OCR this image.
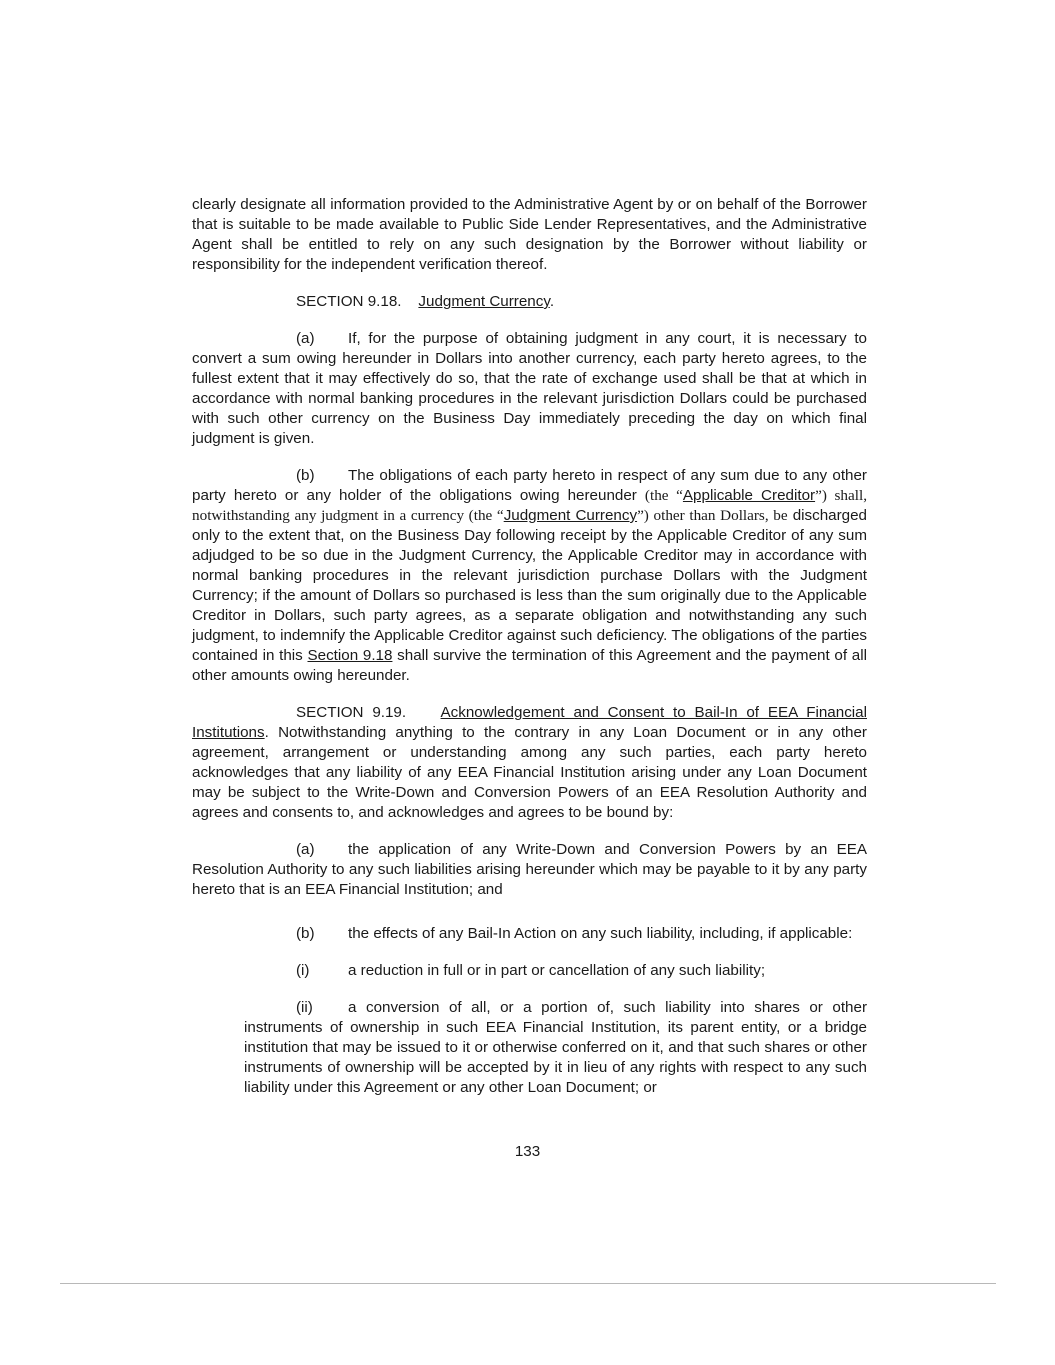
clearly designate all information provided to the Administrative Agent by or on behalf of the Borrower that is suitable to be made available to Public Side Lender Representatives, and the Administrative Agent shall be entitled to rely on any such designation by the Borrower without liability or responsibility for the independent verification thereof.

SECTION 9.18. Judgment Currency.

(a) If, for the purpose of obtaining judgment in any court, it is necessary to convert a sum owing hereunder in Dollars into another currency, each party hereto agrees, to the fullest extent that it may effectively do so, that the rate of exchange used shall be that at which in accordance with normal banking procedures in the relevant jurisdiction Dollars could be purchased with such other currency on the Business Day immediately preceding the day on which final judgment is given.

(b) The obligations of each party hereto in respect of any sum due to any other party hereto or any holder of the obligations owing hereunder (the “Applicable Creditor”) shall, notwithstanding any judgment in a currency (the “Judgment Currency”) other than Dollars, be discharged only to the extent that, on the Business Day following receipt by the Applicable Creditor of any sum adjudged to be so due in the Judgment Currency, the Applicable Creditor may in accordance with normal banking procedures in the relevant jurisdiction purchase Dollars with the Judgment Currency; if the amount of Dollars so purchased is less than the sum originally due to the Applicable Creditor in Dollars, such party agrees, as a separate obligation and notwithstanding any such judgment, to indemnify the Applicable Creditor against such deficiency. The obligations of the parties contained in this Section 9.18 shall survive the termination of this Agreement and the payment of all other amounts owing hereunder.

SECTION 9.19. Acknowledgement and Consent to Bail-In of EEA Financial Institutions. Notwithstanding anything to the contrary in any Loan Document or in any other agreement, arrangement or understanding among any such parties, each party hereto acknowledges that any liability of any EEA Financial Institution arising under any Loan Document may be subject to the Write-Down and Conversion Powers of an EEA Resolution Authority and agrees and consents to, and acknowledges and agrees to be bound by:

(a) the application of any Write-Down and Conversion Powers by an EEA Resolution Authority to any such liabilities arising hereunder which may be payable to it by any party hereto that is an EEA Financial Institution; and

(b) the effects of any Bail-In Action on any such liability, including, if applicable:

(i)	a reduction in full or in part or cancellation of any such liability;

(ii) a conversion of all, or a portion of, such liability into shares or other instruments of ownership in such EEA Financial Institution, its parent entity, or a bridge institution that may be issued to it or otherwise conferred on it, and that such shares or other instruments of ownership will be accepted by it in lieu of any rights with respect to any such liability under this Agreement or any other Loan Document; or

133
